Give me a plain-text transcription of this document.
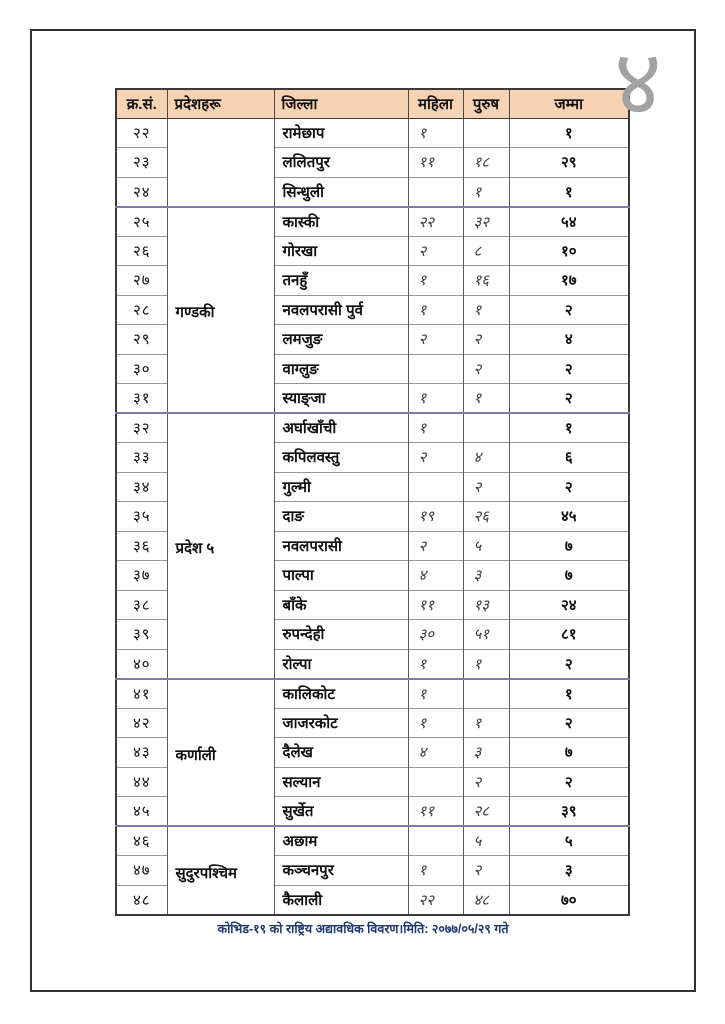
४
क्र.सं.	प्रदेशहरू	जिल्ला	महिला	पुरुष	जम्मा
२२		रामेछाप	१		१
२३		ललितपुर	११	१८	२९
२४		सिन्धुली		१	१
२५	गण्डकी	कास्की	२२	३२	५४
२६		गोरखा	२	८	१०
२७		तनहुँ	१	१६	१७
२८		नवलपरासी पुर्व	१	१	२
२९		लमजुङ	२	२	४
३०		वाग्लुङ		२	२
३१		स्याङ्जा	१	१	२
३२	प्रदेश ५	अर्घाखाँची	१		१
३३		कपिलवस्तु	२	४	६
३४		गुल्मी		२	२
३५		दाङ	१९	२६	४५
३६		नवलपरासी	२	५	७
३७		पाल्पा	४	३	७
३८		बाँके	११	१३	२४
३९		रुपन्देही	३०	५१	८१
४०		रोल्पा	१	१	२
४१	कर्णाली	कालिकोट	१		१
४२		जाजरकोट	१	१	२
४३		दैलेख	४	३	७
४४		सल्यान		२	२
४५		सुर्खेत	११	२८	३९
४६	सुदुरपश्चिम	अछाम		५	५
४७		कञ्चनपुर	१	२	३
४८		कैलाली	२२	४८	७०
कोभिड-१९ को राष्ट्रिय अद्यावधिक विवरण।मिति: २०७७/०५/२९ गते
